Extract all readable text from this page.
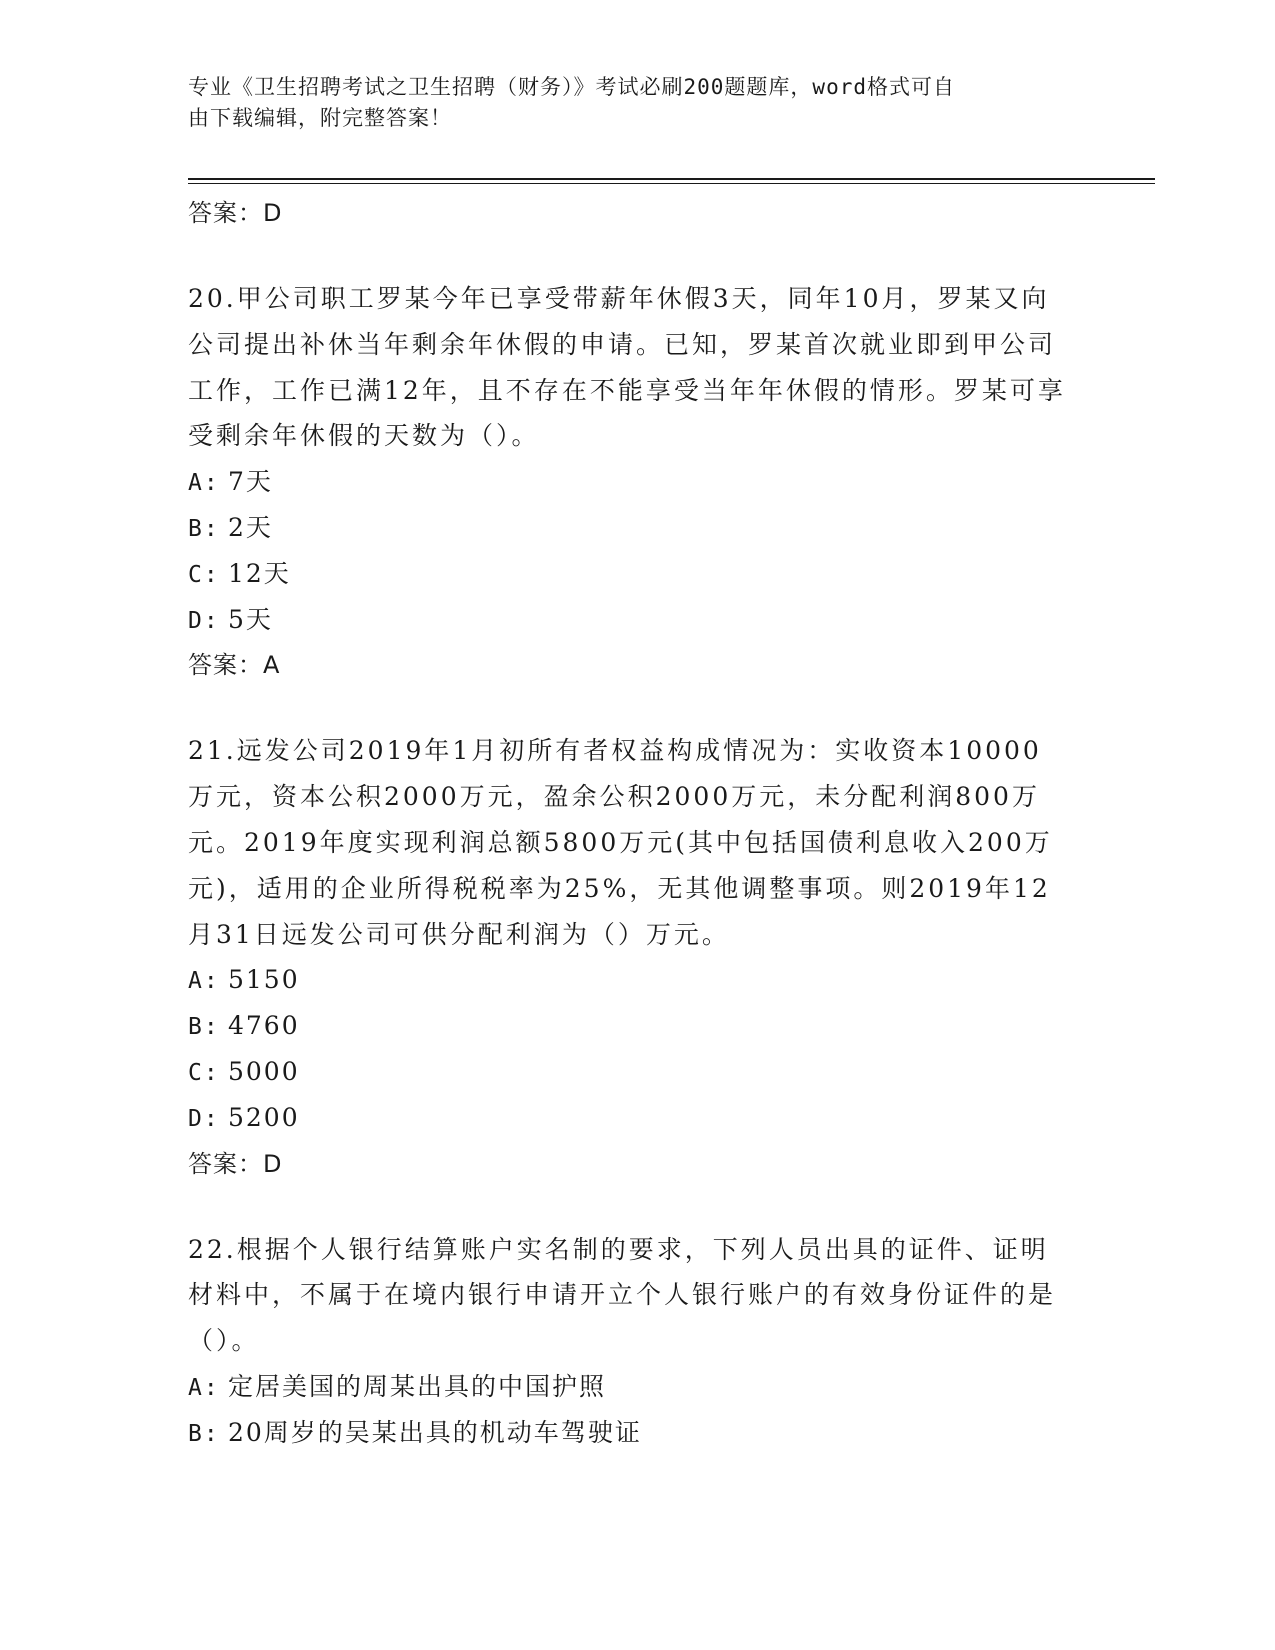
专业《卫生招聘考试之卫生招聘（财务）》考试必刷200题题库，word格式可自
由下载编辑，附完整答案！
答案：D
20.甲公司职工罗某今年已享受带薪年休假3天，同年10月，罗某又向公司提出补休当年剩余年休假的申请。已知，罗某首次就业即到甲公司工作，工作已满12年，且不存在不能享受当年年休假的情形。罗某可享受剩余年休假的天数为（）。
A: 7天
B: 2天
C: 12天
D: 5天
答案：A
21.远发公司2019年1月初所有者权益构成情况为：实收资本10000万元，资本公积2000万元，盈余公积2000万元，未分配利润800万元。2019年度实现利润总额5800万元(其中包括国债利息收入200万元)，适用的企业所得税税率为25%，无其他调整事项。则2019年12月31日远发公司可供分配利润为（）万元。
A: 5150
B: 4760
C: 5000
D: 5200
答案：D
22.根据个人银行结算账户实名制的要求，下列人员出具的证件、证明材料中，不属于在境内银行申请开立个人银行账户的有效身份证件的是（）。
A: 定居美国的周某出具的中国护照
B: 20周岁的吴某出具的机动车驾驶证
